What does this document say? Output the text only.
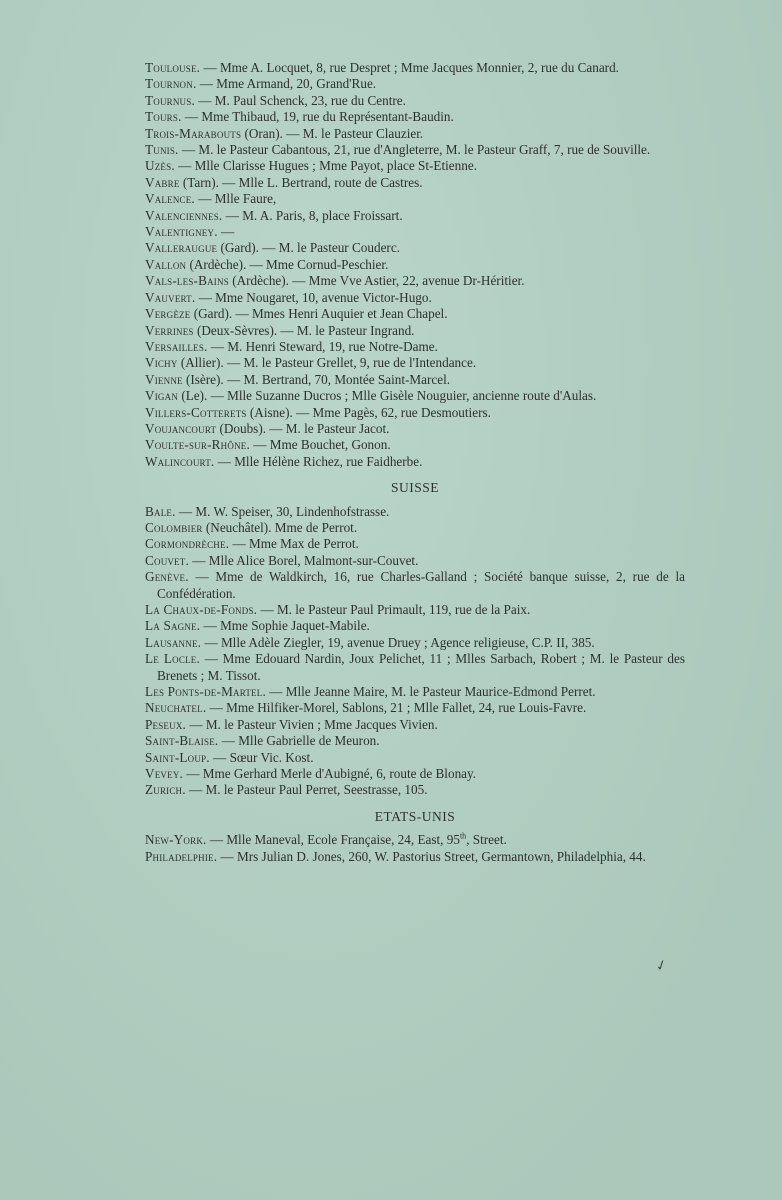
Toulouse. — Mme A. Locquet, 8, rue Despret ; Mme Jacques Monnier, 2, rue du Canard.

Tournon. — Mme Armand, 20, Grand'Rue.

Tournus. — M. Paul Schenck, 23, rue du Centre.

Tours. — Mme Thibaud, 19, rue du Représentant-Baudin.

Trois-Marabouts (Oran). — M. le Pasteur Clauzier.

Tunis. — M. le Pasteur Cabantous, 21, rue d'Angleterre, M. le Pasteur Graff, 7, rue de Souville.

Uzès. — Mlle Clarisse Hugues ; Mme Payot, place St-Etienne.

Vabre (Tarn). — Mlle L. Bertrand, route de Castres.

Valence. — Mlle Faure,

Valenciennes. — M. A. Paris, 8, place Froissart.

Valentigney. —

Valleraugue (Gard). — M. le Pasteur Couderc.

Vallon (Ardèche). — Mme Cornud-Peschier.

Vals-les-Bains (Ardèche). — Mme Vve Astier, 22, avenue Dr-Héritier.

Vauvert. — Mme Nougaret, 10, avenue Victor-Hugo.

Vergèze (Gard). — Mmes Henri Auquier et Jean Chapel.

Verrines (Deux-Sèvres). — M. le Pasteur Ingrand.

Versailles. — M. Henri Steward, 19, rue Notre-Dame.

Vichy (Allier). — M. le Pasteur Grellet, 9, rue de l'Intendance.

Vienne (Isère). — M. Bertrand, 70, Montée Saint-Marcel.

Vigan (Le). — Mlle Suzanne Ducros ; Mlle Gisèle Nouguier, ancienne route d'Aulas.

Villers-Cotterets (Aisne). — Mme Pagès, 62, rue Desmoutiers.

Voujancourt (Doubs). — M. le Pasteur Jacot.

Voulte-sur-Rhône. — Mme Bouchet, Gonon.

Walincourt. — Mlle Hélène Richez, rue Faidherbe.

SUISSE

Bale. — M. W. Speiser, 30, Lindenhofstrasse.

Colombier (Neuchâtel). Mme de Perrot.

Cormondrèche. — Mme Max de Perrot.

Couvet. — Mlle Alice Borel, Malmont-sur-Couvet.

Genève. — Mme de Waldkirch, 16, rue Charles-Galland ; Société banque suisse, 2, rue de la Confédération.

La Chaux-de-Fonds. — M. le Pasteur Paul Primault, 119, rue de la Paix.

La Sagne. — Mme Sophie Jaquet-Mabile.

Lausanne. — Mlle Adèle Ziegler, 19, avenue Druey ; Agence religieuse, C.P. II, 385.

Le Locle. — Mme Edouard Nardin, Joux Pelichet, 11 ; Mlles Sarbach, Robert ; M. le Pasteur des Brenets ; M. Tissot.

Les Ponts-de-Martel. — Mlle Jeanne Maire, M. le Pasteur Maurice-Edmond Perret.

Neuchatel. — Mme Hilfiker-Morel, Sablons, 21 ; Mlle Fallet, 24, rue Louis-Favre.

Peseux. — M. le Pasteur Vivien ; Mme Jacques Vivien.

Saint-Blaise. — Mlle Gabrielle de Meuron.

Saint-Loup. — Sœur Vic. Kost.

Vevey. — Mme Gerhard Merle d'Aubigné, 6, route de Blonay.

Zurich. — M. le Pasteur Paul Perret, Seestrasse, 105.

ETATS-UNIS

New-York. — Mlle Maneval, Ecole Française, 24, East, 95th, Street.

Philadelphie. — Mrs Julian D. Jones, 260, W. Pastorius Street, Germantown, Philadelphia, 44.

✓
